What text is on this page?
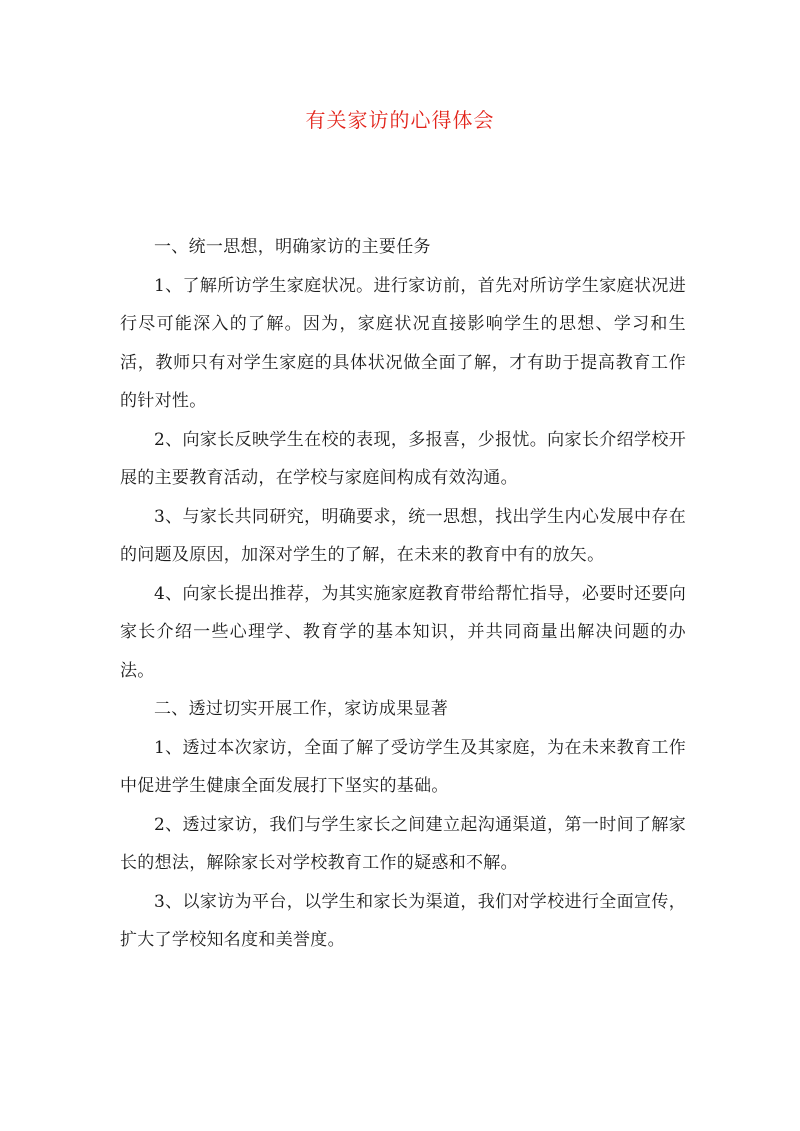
有关家访的心得体会

一、统一思想，明确家访的主要任务

1、了解所访学生家庭状况。进行家访前，首先对所访学生家庭状况进行尽可能深入的了解。因为，家庭状况直接影响学生的思想、学习和生活，教师只有对学生家庭的具体状况做全面了解，才有助于提高教育工作的针对性。

2、向家长反映学生在校的表现，多报喜，少报忧。向家长介绍学校开展的主要教育活动，在学校与家庭间构成有效沟通。

3、与家长共同研究，明确要求，统一思想，找出学生内心发展中存在的问题及原因，加深对学生的了解，在未来的教育中有的放矢。

4、向家长提出推荐，为其实施家庭教育带给帮忙指导，必要时还要向家长介绍一些心理学、教育学的基本知识，并共同商量出解决问题的办法。

二、透过切实开展工作，家访成果显著

1、透过本次家访，全面了解了受访学生及其家庭，为在未来教育工作中促进学生健康全面发展打下坚实的基础。

2、透过家访，我们与学生家长之间建立起沟通渠道，第一时间了解家长的想法，解除家长对学校教育工作的疑惑和不解。

3、以家访为平台，以学生和家长为渠道，我们对学校进行全面宣传，扩大了学校知名度和美誉度。
